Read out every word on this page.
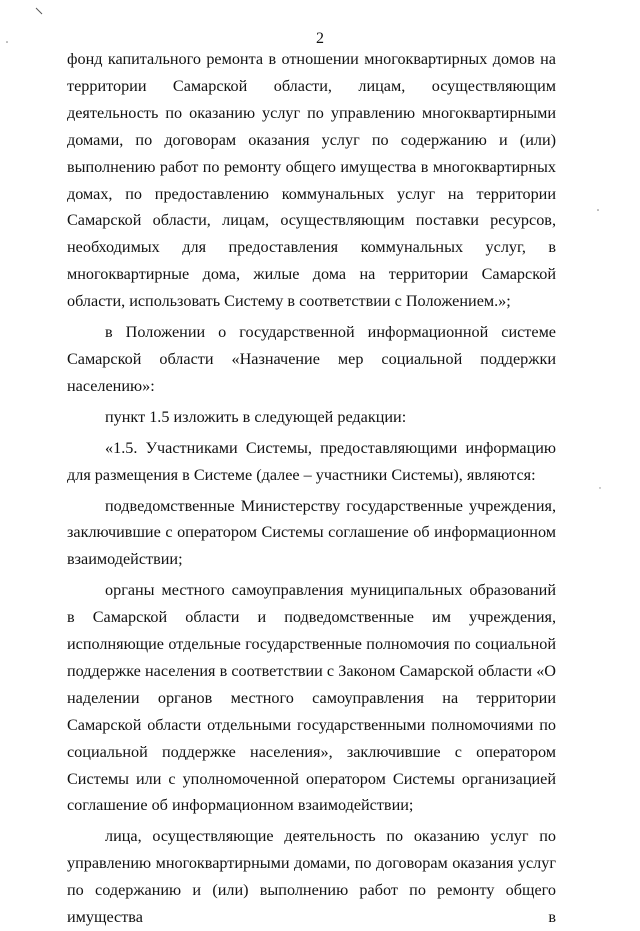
2

фонд капитального ремонта в отношении многоквартирных домов на территории Самарской области, лицам, осуществляющим деятельность по оказанию услуг по управлению многоквартирными домами, по договорам оказания услуг по содержанию и (или) выполнению работ по ремонту общего имущества в многоквартирных домах, по предоставлению коммунальных услуг на территории Самарской области, лицам, осуществляющим поставки ресурсов, необходимых для предоставления коммунальных услуг, в многоквартирные дома, жилые дома на территории Самарской области, использовать Систему в соответствии с Положением.»;

в Положении о государственной информационной системе Самарской области «Назначение мер социальной поддержки населению»:

пункт 1.5 изложить в следующей редакции:

«1.5. Участниками Системы, предоставляющими информацию для размещения в Системе (далее – участники Системы), являются:

подведомственные Министерству государственные учреждения, заключившие с оператором Системы соглашение об информационном взаимодействии;

органы местного самоуправления муниципальных образований в Самарской области и подведомственные им учреждения, исполняющие отдельные государственные полномочия по социальной поддержке населения в соответствии с Законом Самарской области «О наделении органов местного самоуправления на территории Самарской области отдельными государственными полномочиями по социальной поддержке населения», заключившие с оператором Системы или с уполномоченной оператором Системы организацией соглашение об информационном взаимодействии;

лица, осуществляющие деятельность по оказанию услуг по управлению многоквартирными домами, по договорам оказания услуг по содержанию и (или) выполнению работ по ремонту общего имущества в
